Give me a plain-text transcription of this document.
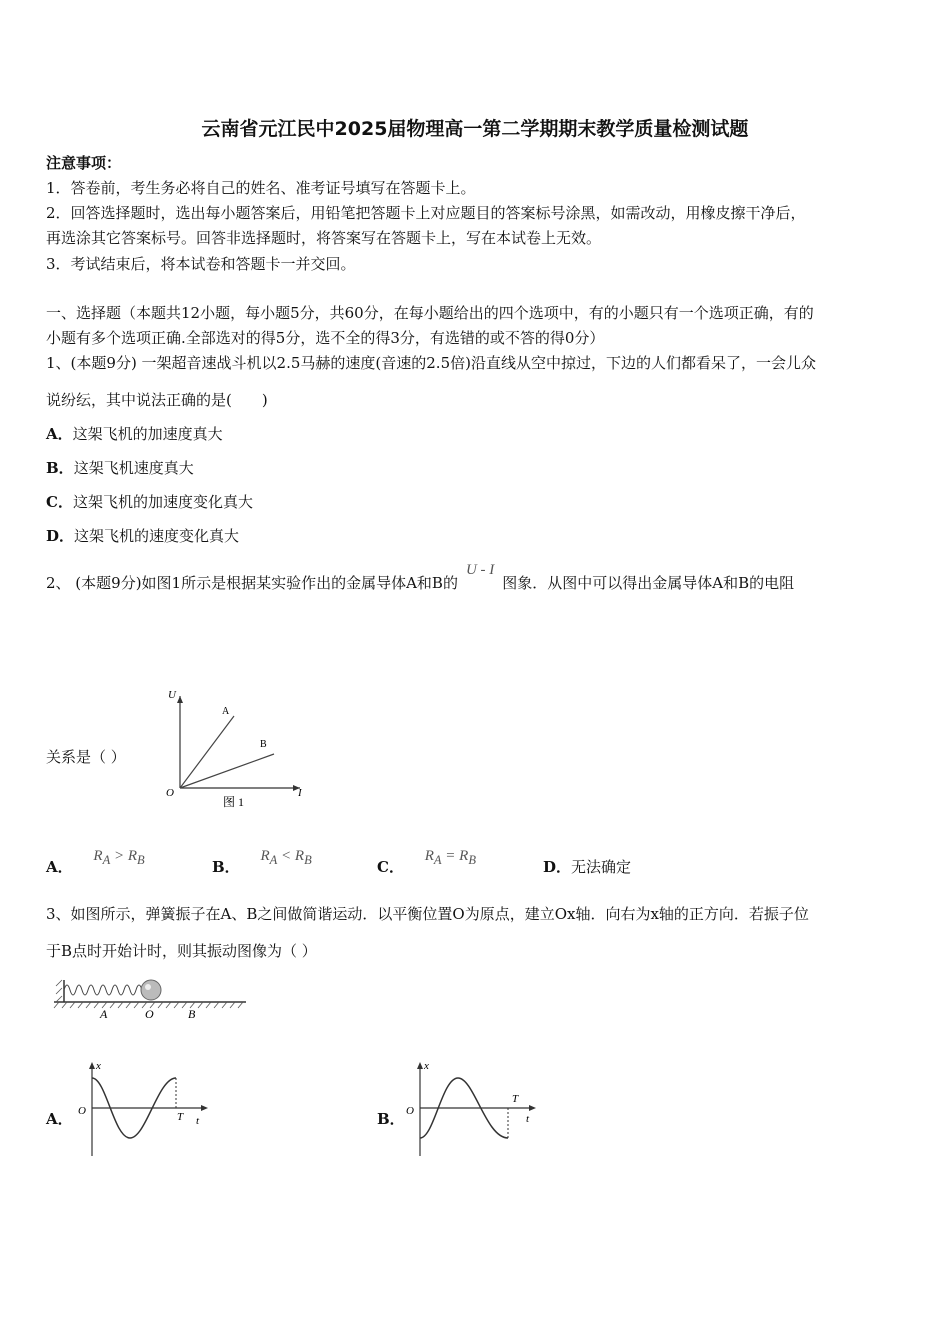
云南省元江民中2025届物理高一第二学期期末教学质量检测试题
注意事项：
1．答卷前，考生务必将自己的姓名、准考证号填写在答题卡上。
2．回答选择题时，选出每小题答案后，用铅笔把答题卡上对应题目的答案标号涂黑，如需改动，用橡皮擦干净后，
再选涂其它答案标号。回答非选择题时，将答案写在答题卡上，写在本试卷上无效。
3．考试结束后，将本试卷和答题卡一并交回。
一、选择题（本题共12小题，每小题5分，共60分，在每小题给出的四个选项中，有的小题只有一个选项正确，有的
小题有多个选项正确.全部选对的得5分，选不全的得3分，有选错的或不答的得0分）
1、(本题9分) 一架超音速战斗机以2.5马赫的速度(音速的2.5倍)沿直线从空中掠过，下边的人们都看呆了，一会儿众
说纷纭，其中说法正确的是(　　)
A．这架飞机的加速度真大
B．这架飞机速度真大
C．这架飞机的加速度变化真大
D．这架飞机的速度变化真大
2、 (本题9分)如图1所示是根据某实验作出的金属导体A和B的U - I图象．从图中可以得出金属导体A和B的电阻
关系是（ ）
U
I
O
A
B
图 1
A． $R_A > R_B$	B． $R_A < R_B$	C． $R_A = R_B$	D．无法确定
3、如图所示，弹簧振子在A、B之间做简谐运动．以平衡位置O为原点，建立Ox轴．向右为x轴的正方向．若振子位
于B点时开始计时，则其振动图像为（ ）
A	O	B
A．
x
O	T t	B．
x
O
T
t
